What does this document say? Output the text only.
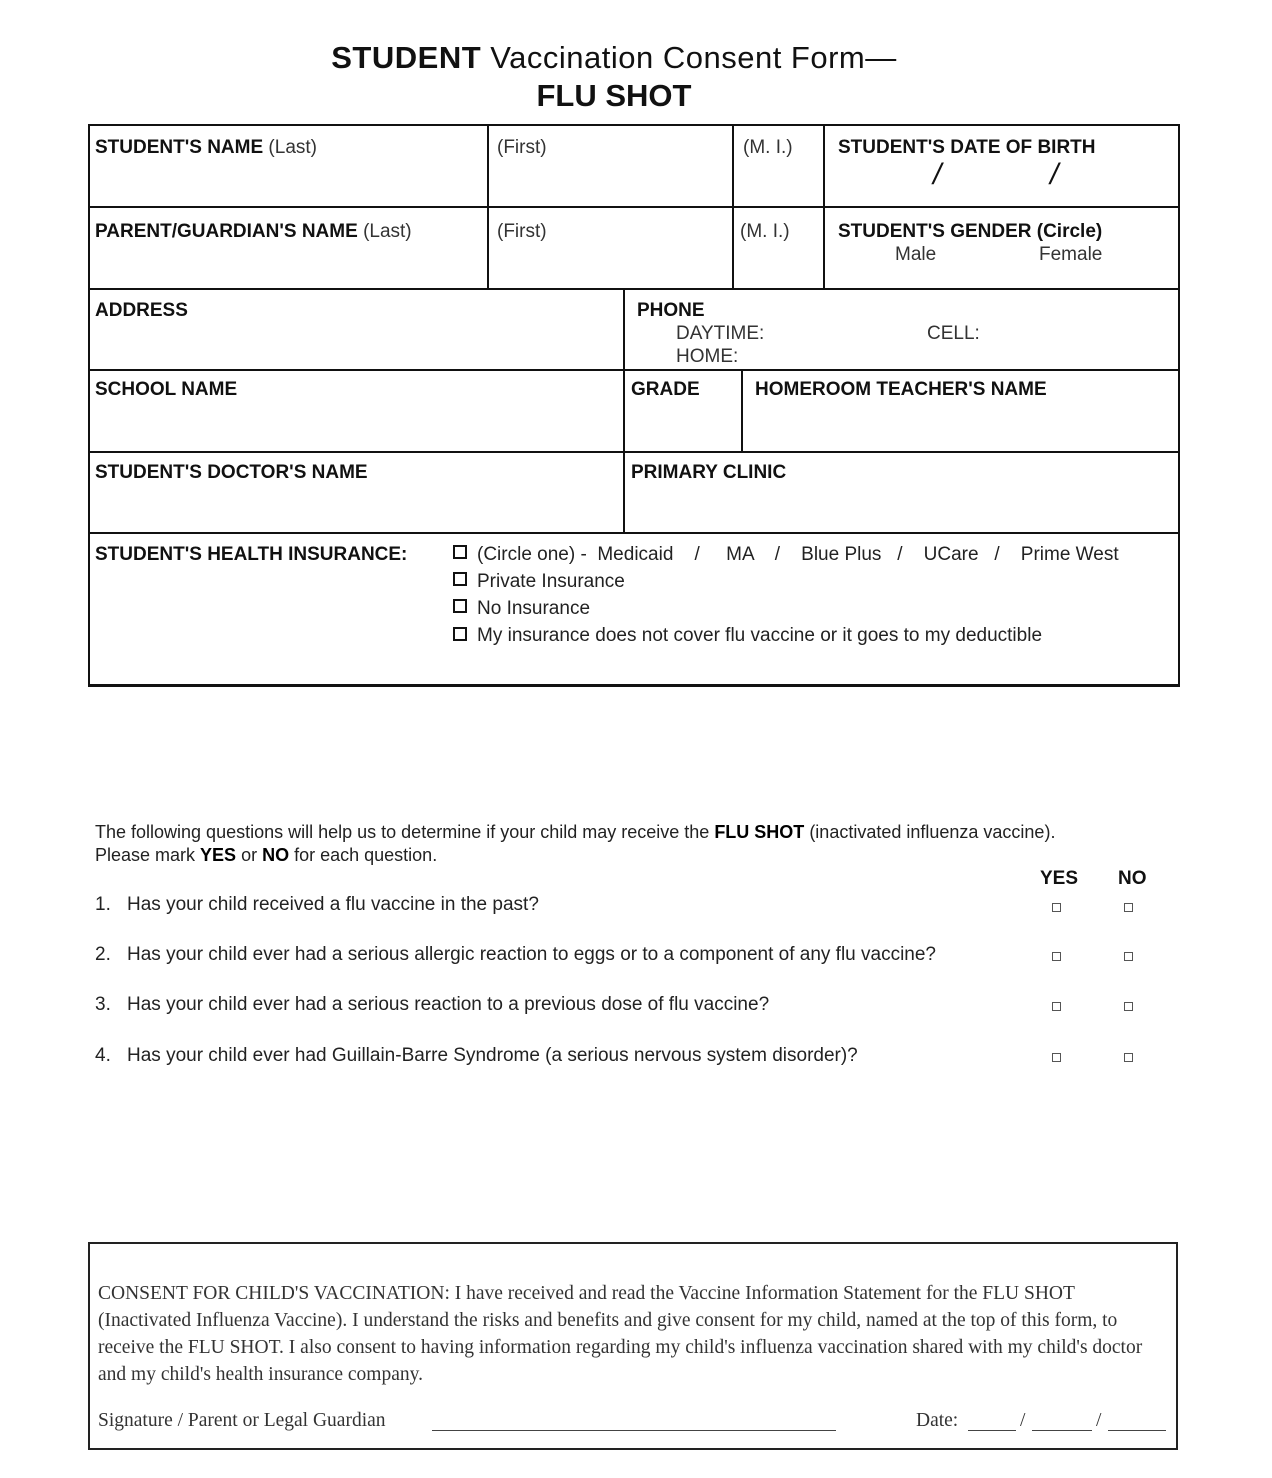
STUDENT Vaccination Consent Form—
FLU SHOT
STUDENT'S NAME (Last)	(First)	(M. I.) STUDENT'S DATE OF BIRTH
/	/
PARENT/GUARDIAN'S NAME (Last)	(First)	(M. I.)	STUDENT'S GENDER (Circle)
Male	Female
ADDRESS	PHONE
DAYTIME:	CELL:
HOME:
SCHOOL NAME	GRADE	HOMEROOM TEACHER'S NAME
STUDENT'S DOCTOR'S NAME	PRIMARY CLINIC
STUDENT'S HEALTH INSURANCE:	(Circle one) -  Medicaid    /     MA    /    Blue Plus   /    UCare   /    Prime West
Private Insurance
No Insurance
My insurance does not cover flu vaccine or it goes to my deductible
The following questions will help us to determine if your child may receive the FLU SHOT (inactivated influenza vaccine).
Please mark YES or NO for each question.
YES NO
1. Has your child received a flu vaccine in the past?
2. Has your child ever had a serious allergic reaction to eggs or to a component of any flu vaccine?
3. Has your child ever had a serious reaction to a previous dose of flu vaccine?
4. Has your child ever had Guillain-Barre Syndrome (a serious nervous system disorder)?
CONSENT FOR CHILD'S VACCINATION: I have received and read the Vaccine Information Statement for the FLU SHOT (Inactivated Influenza Vaccine). I understand the risks and benefits and give consent for my child, named at the top of this form, to receive the FLU SHOT. I also consent to having information regarding my child's influenza vaccination shared with my child's doctor and my child's health insurance company.
Signature / Parent or Legal Guardian	Date:	/	/
